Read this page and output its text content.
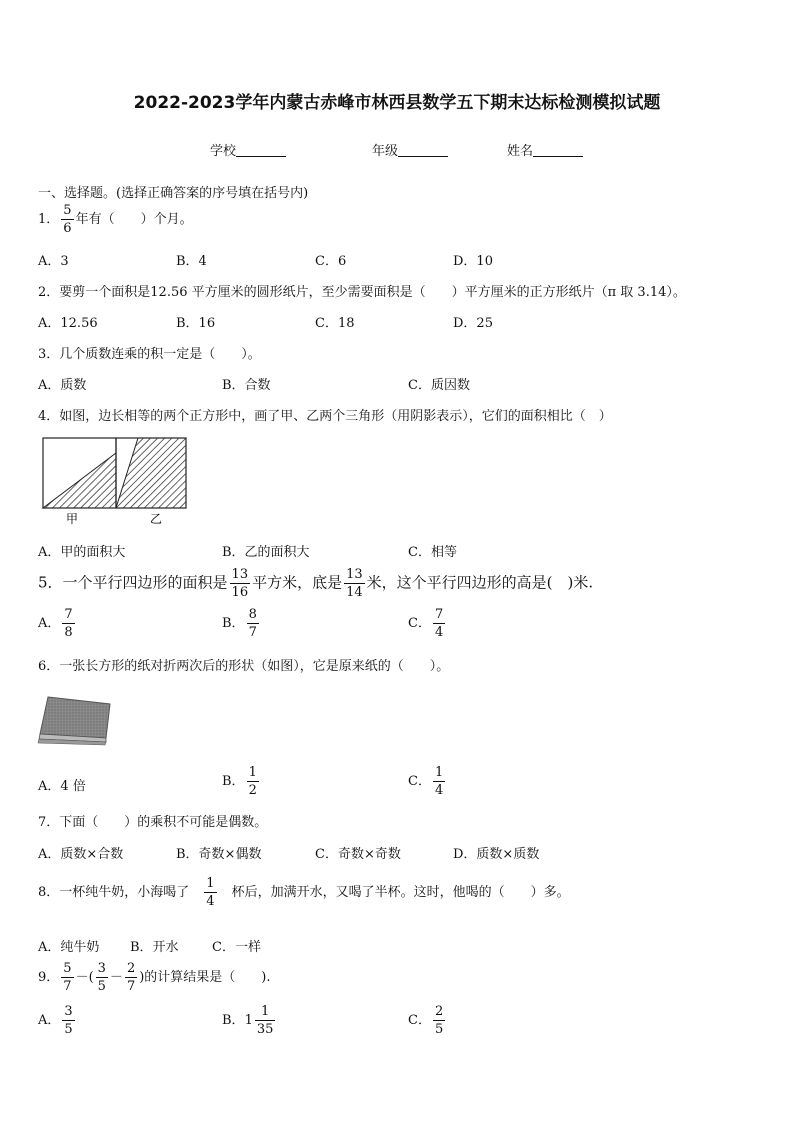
2022-2023学年内蒙古赤峰市林西县数学五下期末达标检测模拟试题
学校	年级	姓名
一、选择题。(选择正确答案的序号填在括号内)
1． $\frac{5}{6}$ 年有（　　）个月。
A．3	B．4	C．6	D．10
2．要剪一个面积是12.56 平方厘米的圆形纸片，至少需要面积是（　　）平方厘米的正方形纸片（π 取 3.14）。
A．12.56	B．16	C．18	D．25
3．几个质数连乘的积一定是（　　）。
A．质数	B．合数	C．质因数
4．如图，边长相等的两个正方形中，画了甲、乙两个三角形（用阴影表示），它们的面积相比（　）
甲	乙
A．甲的面积大	B．乙的面积大	C．相等
5．一个平行四边形的面积是 $\frac{13}{16}$ 平方米，底是 $\frac{13}{14}$ 米，这个平行四边形的高是(　)米.
A． $\frac{7}{8}$	B． $\frac{8}{7}$	C． $\frac{7}{4}$
6．一张长方形的纸对折两次后的形状（如图），它是原来纸的（　　）。
A．4 倍	B． $\frac{1}{2}$	C． $\frac{1}{4}$
7．下面（　　）的乘积不可能是偶数。
A．质数×合数	B．奇数×偶数	C．奇数×奇数	D．质数×质数
8．一杯纯牛奶，小海喝了　 $\frac{1}{4}$
　 杯后，加满开水，又喝了半杯。这时，他喝的（　　）多。
A．纯牛奶 B．开水	C．一样
9． $\frac{5}{7}$ －( $\frac{3}{5} - \frac{2}{7}$ )的计算结果是（　　).
A． $\frac{3}{5}$	B．$1 \frac{1}{35}$	C． $\frac{2}{5}$
